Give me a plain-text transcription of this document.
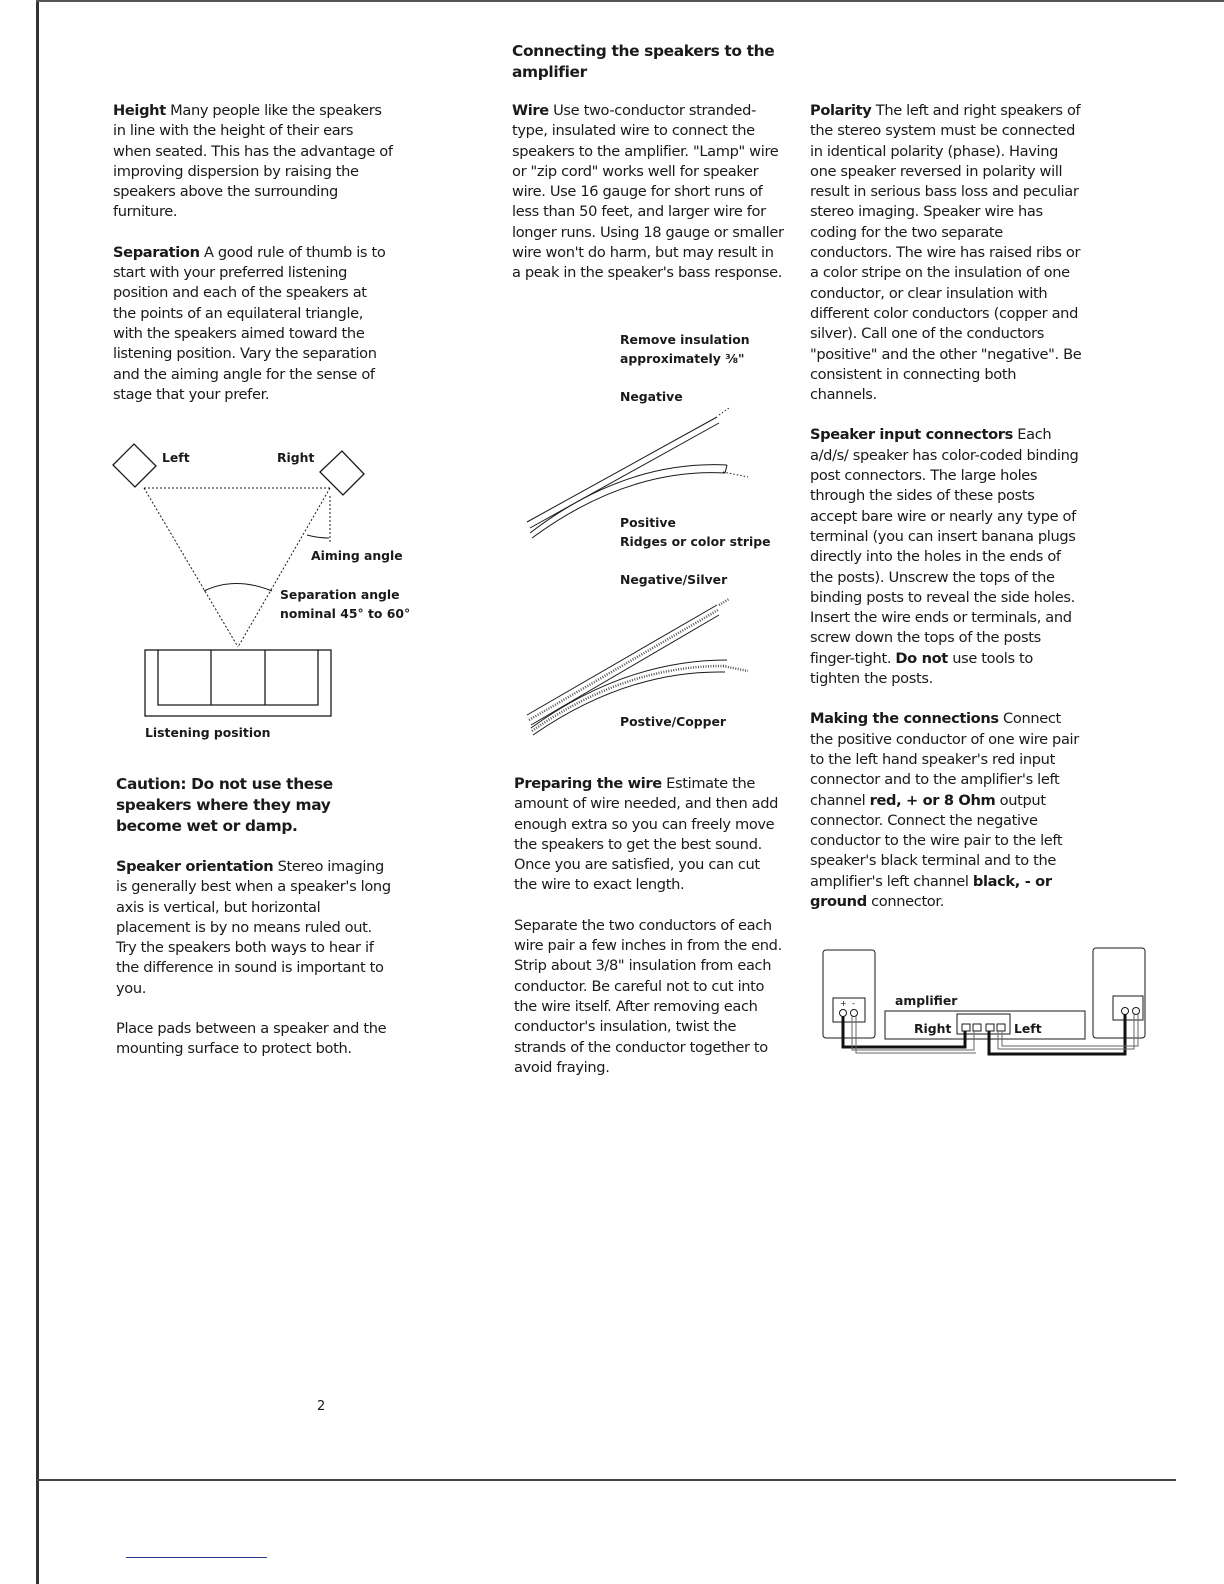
Connecting the speakers to the amplifier

Height Many people like the speakers in line with the height of their ears when seated. This has the advantage of improving dispersion by raising the speakers above the surrounding furniture.

Separation A good rule of thumb is to start with your preferred listening position and each of the speakers at the points of an equilateral triangle, with the speakers aimed toward the listening position. Vary the separation and the aiming angle for the sense of stage that your prefer.

Left	Right
Aiming angle
Separation angle
nominal 45° to 60°
Listening position

Caution: Do not use these speakers where they may become wet or damp.

Speaker orientation Stereo imaging is generally best when a speaker's long axis is vertical, but horizontal placement is by no means ruled out. Try the speakers both ways to hear if the difference in sound is important to you.

Place pads between a speaker and the mounting surface to protect both.

Wire Use two-conductor stranded-type, insulated wire to connect the speakers to the amplifier. "Lamp" wire or "zip cord" works well for speaker wire. Use 16 gauge for short runs of less than 50 feet, and larger wire for longer runs. Using 18 gauge or smaller wire won't do harm, but may result in a peak in the speaker's bass response.

Remove insulation
approximately ⅜"
Negative
Positive
Ridges or color stripe
Negative/Silver
Postive/Copper

Preparing the wire Estimate the amount of wire needed, and then add enough extra so you can freely move the speakers to get the best sound. Once you are satisfied, you can cut the wire to exact length.

Separate the two conductors of each wire pair a few inches in from the end. Strip about 3/8" insulation from each conductor. Be careful not to cut into the wire itself. After removing each conductor's insulation, twist the strands of the conductor together to avoid fraying.

Polarity The left and right speakers of the stereo system must be connected in identical polarity (phase). Having one speaker reversed in polarity will result in serious bass loss and peculiar stereo imaging. Speaker wire has coding for the two separate conductors. The wire has raised ribs or a color stripe on the insulation of one conductor, or clear insulation with different color conductors (copper and silver). Call one of the conductors "positive" and the other "negative". Be consistent in connecting both channels.

Speaker input connectors Each a/d/s/ speaker has color-coded binding post connectors. The large holes through the sides of these posts accept bare wire or nearly any type of terminal (you can insert banana plugs directly into the holes in the ends of the posts). Unscrew the tops of the binding posts to reveal the side holes. Insert the wire ends or terminals, and screw down the tops of the posts finger-tight. Do not use tools to tighten the posts.

Making the connections Connect the positive conductor of one wire pair to the left hand speaker's red input connector and to the amplifier's left channel red, + or 8 Ohm output connector. Connect the negative conductor to the wire pair to the left speaker's black terminal and to the amplifier's left channel black, - or ground connector.

+ -	amplifier
Right	Left
2
